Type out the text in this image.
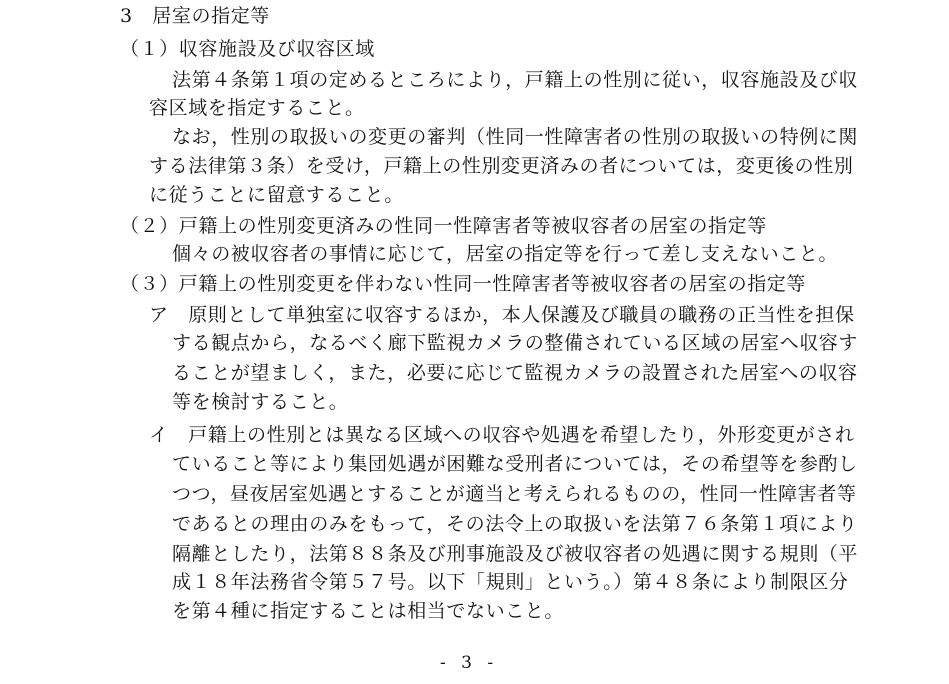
3　居室の指定等
（１）収容施設及び収容区域
法第４条第１項の定めるところにより，戸籍上の性別に従い，収容施設及び収
容区域を指定すること。
なお，性別の取扱いの変更の審判（性同一性障害者の性別の取扱いの特例に関
する法律第３条）を受け，戸籍上の性別変更済みの者については，変更後の性別
に従うことに留意すること。
（２）戸籍上の性別変更済みの性同一性障害者等被収容者の居室の指定等
個々の被収容者の事情に応じて，居室の指定等を行って差し支えないこと。
（３）戸籍上の性別変更を伴わない性同一性障害者等被収容者の居室の指定等
ア　原則として単独室に収容するほか，本人保護及び職員の職務の正当性を担保
する観点から，なるべく廊下監視カメラの整備されている区域の居室へ収容す
ることが望ましく，また，必要に応じて監視カメラの設置された居室への収容
等を検討すること。
イ　戸籍上の性別とは異なる区域への収容や処遇を希望したり，外形変更がされ
ていること等により集団処遇が困難な受刑者については，その希望等を参酌し
つつ，昼夜居室処遇とすることが適当と考えられるものの，性同一性障害者等
であるとの理由のみをもって，その法令上の取扱いを法第７６条第１項により
隔離としたり，法第８８条及び刑事施設及び被収容者の処遇に関する規則（平
成１８年法務省令第５７号。以下「規則」という。）第４８条により制限区分
を第４種に指定することは相当でないこと。
- 3 -
